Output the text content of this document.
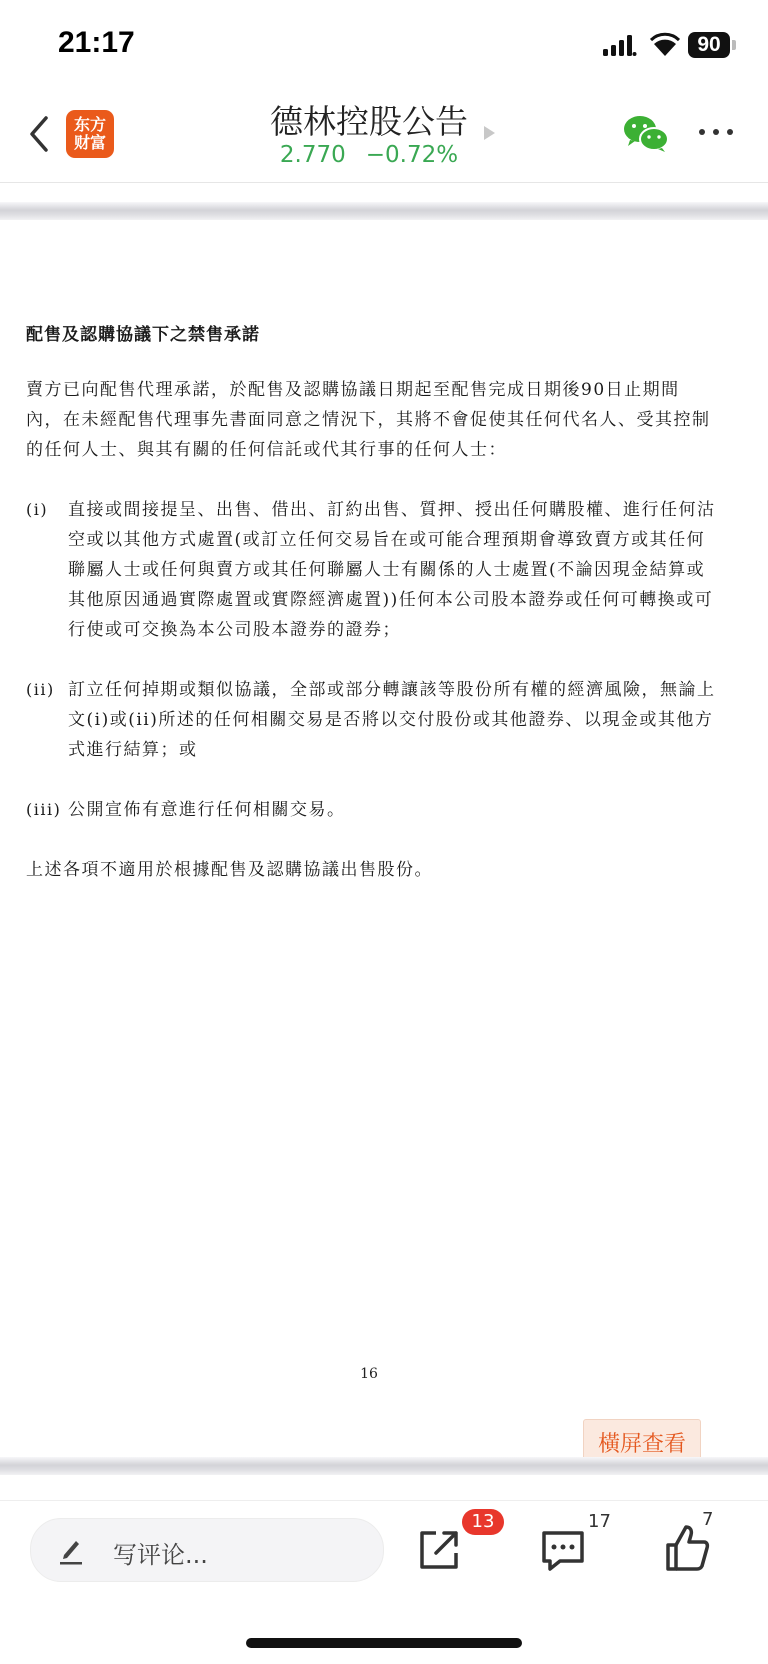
21:17	90
东方
财富
德林控股公告
2.770 −0.72%

配售及認購協議下之禁售承諾

賣方已向配售代理承諾，於配售及認購協議日期起至配售完成日期後90日止期間內，在未經配售代理事先書面同意之情況下，其將不會促使其任何代名人、受其控制的任何人士、與其有關的任何信託或代其行事的任何人士：

(i)	直接或間接提呈、出售、借出、訂約出售、質押、授出任何購股權、進行任何沽空或以其他方式處置(或訂立任何交易旨在或可能合理預期會導致賣方或其任何聯屬人士或任何與賣方或其任何聯屬人士有關係的人士處置(不論因現金結算或其他原因通過實際處置或實際經濟處置))任何本公司股本證券或任何可轉換或可行使或可交換為本公司股本證券的證券；
(ii) 訂立任何掉期或類似協議，全部或部分轉讓該等股份所有權的經濟風險，無論上文(i)或(ii)所述的任何相關交易是否將以交付股份或其他證券、以現金或其他方式進行結算；或
(iii) 公開宣佈有意進行任何相關交易。

上述各項不適用於根據配售及認購協議出售股份。

16
橫屏查看
写评论...
13	17	7
